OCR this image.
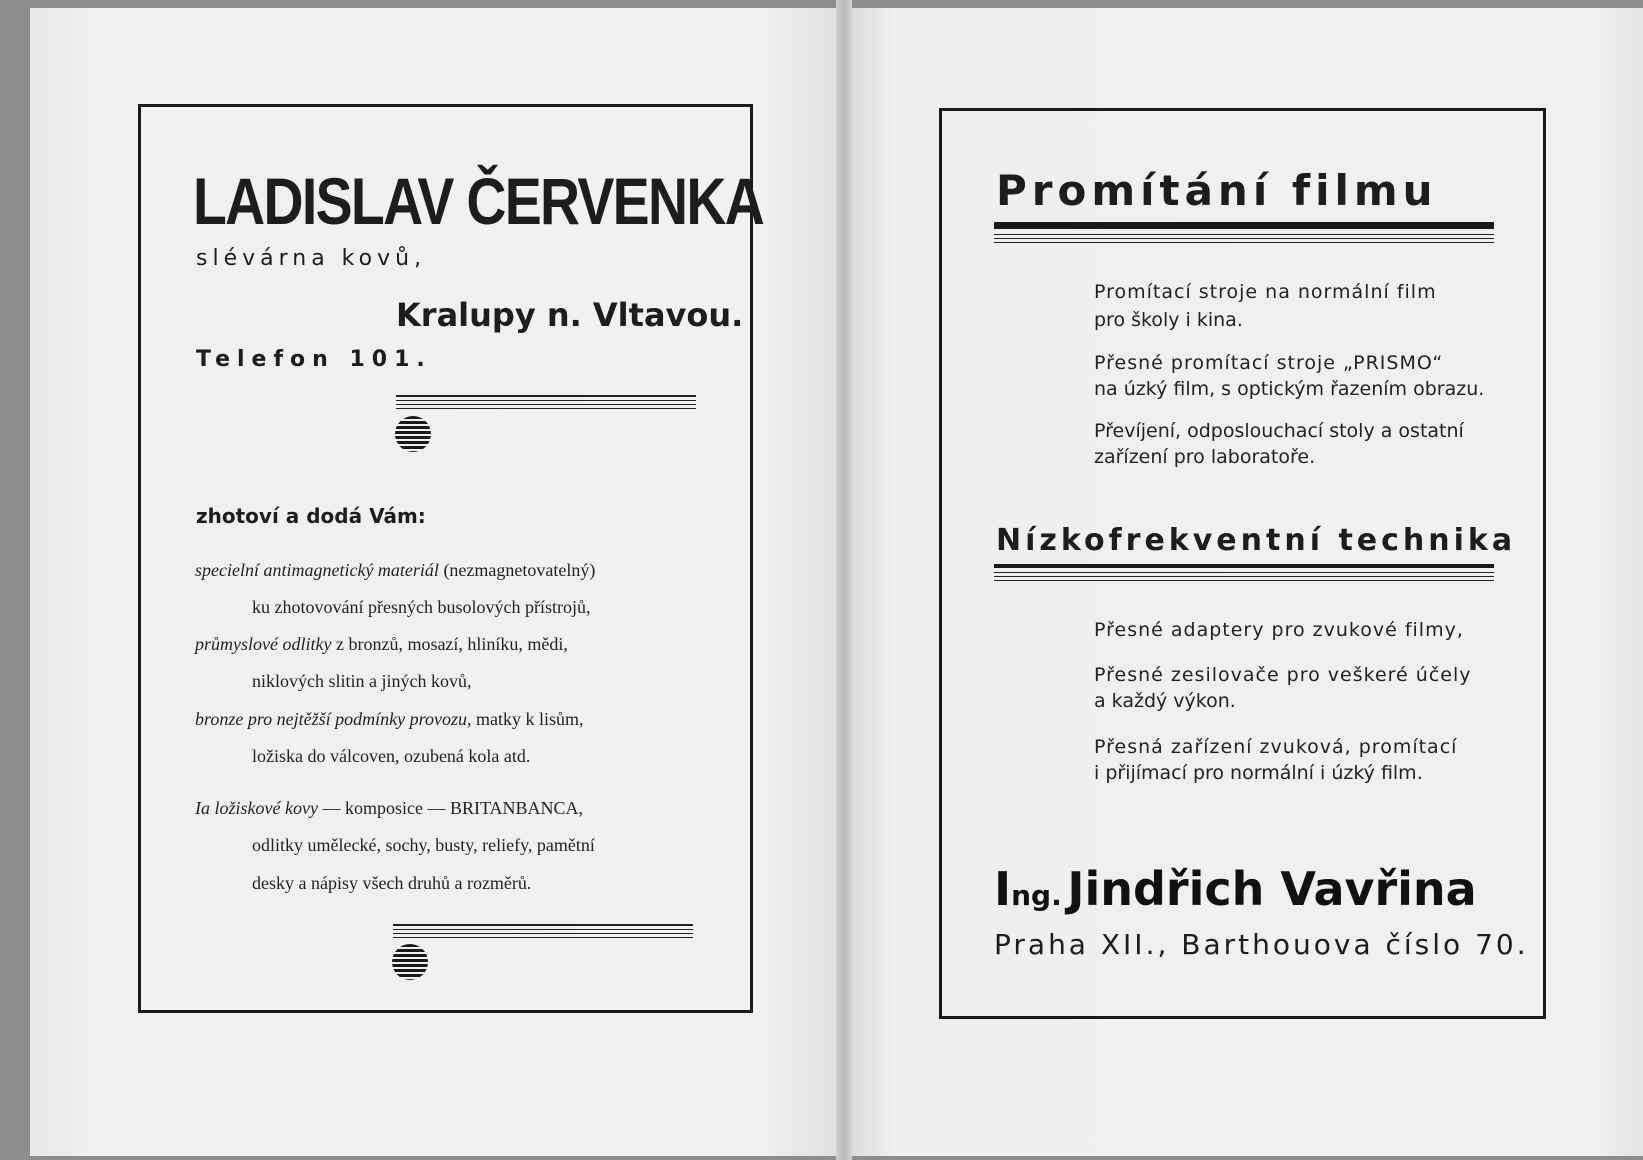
LADISLAV ČERVENKA
slévárna kovů,
Kralupy n. Vltavou.
Telefon 101.
zhotoví a dodá Vám:
specielní antimagnetický materiál (nezmagnetovatelný)
ku zhotovování přesných busolových přístrojů,
průmyslové odlitky z bronzů, mosazí, hliníku, mědi,
niklových slitin a jiných kovů,
bronze pro nejtěžší podmínky provozu, matky k lisům,
ložiska do válcoven, ozubená kola atd.
Ia ložiskové kovy — komposice — BRITANBANCA,
odlitky umělecké, sochy, busty, reliefy, pamětní
desky a nápisy všech druhů a rozměrů.
Promítání filmu
Promítací stroje na normální film
pro školy i kina.
Přesné promítací stroje „PRISMO“
na úzký film, s optickým řazením obrazu.
Převíjení, odposlouchací stoly a ostatní
zařízení pro laboratoře.
Nízkofrekventní technika
Přesné adaptery pro zvukové filmy,
Přesné zesilovače pro veškeré účely
a každý výkon.
Přesná zařízení zvuková, promítací
i přijímací pro normální i úzký film.
Ing. Jindřich Vavřina
Praha XII., Barthouova číslo 70.
